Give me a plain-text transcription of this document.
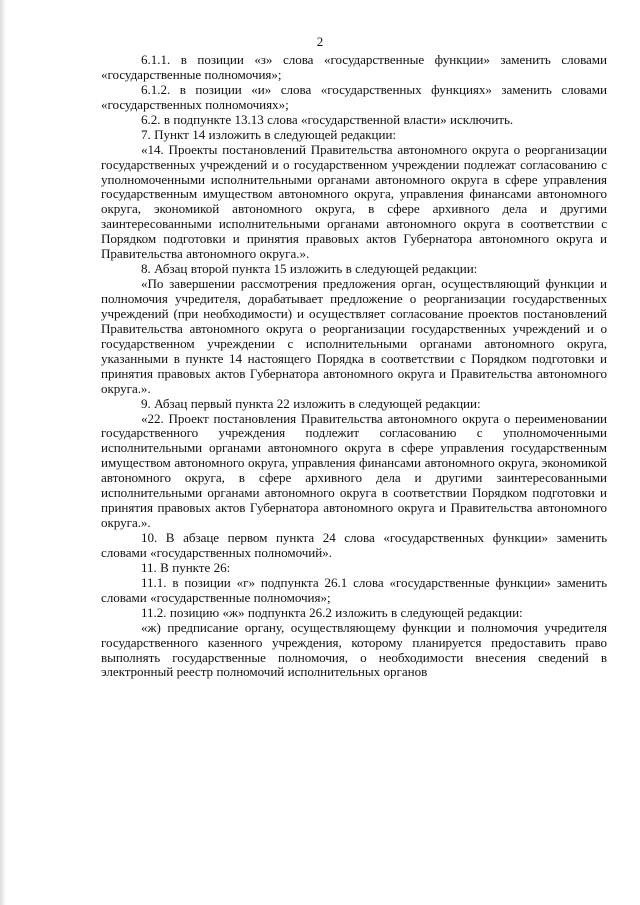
2

6.1.1. в позиции «з» слова «государственные функции» заменить словами «государственные полномочия»;

6.1.2. в позиции «и» слова «государственных функциях» заменить словами «государственных полномочиях»;

6.2. в подпункте 13.13 слова «государственной власти» исключить.

7. Пункт 14 изложить в следующей редакции:

«14. Проекты постановлений Правительства автономного округа о реорганизации государственных учреждений и о государственном учреждении подлежат согласованию с уполномоченными исполнительными органами автономного округа в сфере управления государственным имуществом автономного округа, управления финансами автономного округа, экономикой автономного округа, в сфере архивного дела и другими заинтересованными исполнительными органами автономного округа в соответствии с Порядком подготовки и принятия правовых актов Губернатора автономного округа и Правительства автономного округа.».

8. Абзац второй пункта 15 изложить в следующей редакции:

«По завершении рассмотрения предложения орган, осуществляющий функции и полномочия учредителя, дорабатывает предложение о реорганизации государственных учреждений (при необходимости) и осуществляет согласование проектов постановлений Правительства автономного округа о реорганизации государственных учреждений и о государственном учреждении с исполнительными органами автономного округа, указанными в пункте 14 настоящего Порядка в соответствии с Порядком подготовки и принятия правовых актов Губернатора автономного округа и Правительства автономного округа.».

9. Абзац первый пункта 22 изложить в следующей редакции:

«22. Проект постановления Правительства автономного округа о переименовании государственного учреждения подлежит согласованию с уполномоченными исполнительными органами автономного округа в сфере управления государственным имуществом автономного округа, управления финансами автономного округа, экономикой автономного округа, в сфере архивного дела и другими заинтересованными исполнительными органами автономного округа в соответствии Порядком подготовки и принятия правовых актов Губернатора автономного округа и Правительства автономного округа.».

10. В абзаце первом пункта 24 слова «государственных функции» заменить словами «государственных полномочий».

11. В пункте 26:

11.1. в позиции «г» подпункта 26.1 слова «государственные функции» заменить словами «государственные полномочия»;

11.2. позицию «ж» подпункта 26.2 изложить в следующей редакции:

«ж) предписание органу, осуществляющему функции и полномочия учредителя государственного казенного учреждения, которому планируется предоставить право выполнять государственные полномочия, о необходимости внесения сведений в электронный реестр полномочий исполнительных органов
